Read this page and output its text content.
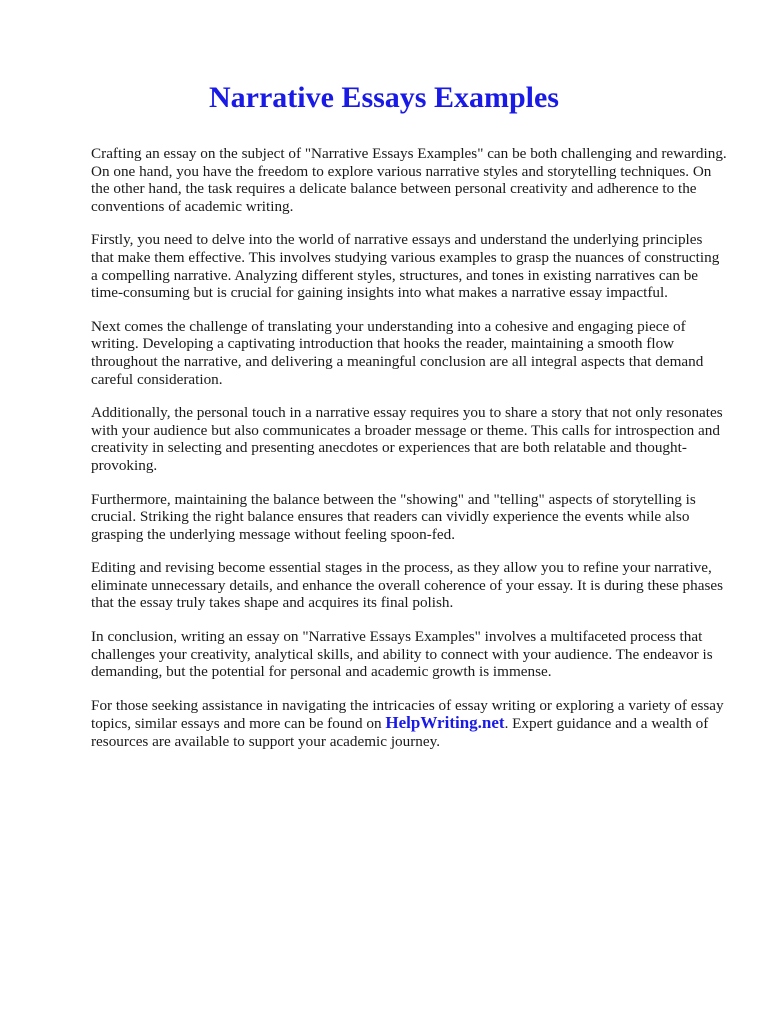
Narrative Essays Examples

Crafting an essay on the subject of "Narrative Essays Examples" can be both challenging and rewarding. On one hand, you have the freedom to explore various narrative styles and storytelling techniques. On the other hand, the task requires a delicate balance between personal creativity and adherence to the conventions of academic writing.

Firstly, you need to delve into the world of narrative essays and understand the underlying principles that make them effective. This involves studying various examples to grasp the nuances of constructing a compelling narrative. Analyzing different styles, structures, and tones in existing narratives can be time-consuming but is crucial for gaining insights into what makes a narrative essay impactful.

Next comes the challenge of translating your understanding into a cohesive and engaging piece of writing. Developing a captivating introduction that hooks the reader, maintaining a smooth flow throughout the narrative, and delivering a meaningful conclusion are all integral aspects that demand careful consideration.

Additionally, the personal touch in a narrative essay requires you to share a story that not only resonates with your audience but also communicates a broader message or theme. This calls for introspection and creativity in selecting and presenting anecdotes or experiences that are both relatable and thought-provoking.

Furthermore, maintaining the balance between the "showing" and "telling" aspects of storytelling is crucial. Striking the right balance ensures that readers can vividly experience the events while also grasping the underlying message without feeling spoon-fed.

Editing and revising become essential stages in the process, as they allow you to refine your narrative, eliminate unnecessary details, and enhance the overall coherence of your essay. It is during these phases that the essay truly takes shape and acquires its final polish.

In conclusion, writing an essay on "Narrative Essays Examples" involves a multifaceted process that challenges your creativity, analytical skills, and ability to connect with your audience. The endeavor is demanding, but the potential for personal and academic growth is immense.

For those seeking assistance in navigating the intricacies of essay writing or exploring a variety of essay topics, similar essays and more can be found on HelpWriting.net. Expert guidance and a wealth of resources are available to support your academic journey.
